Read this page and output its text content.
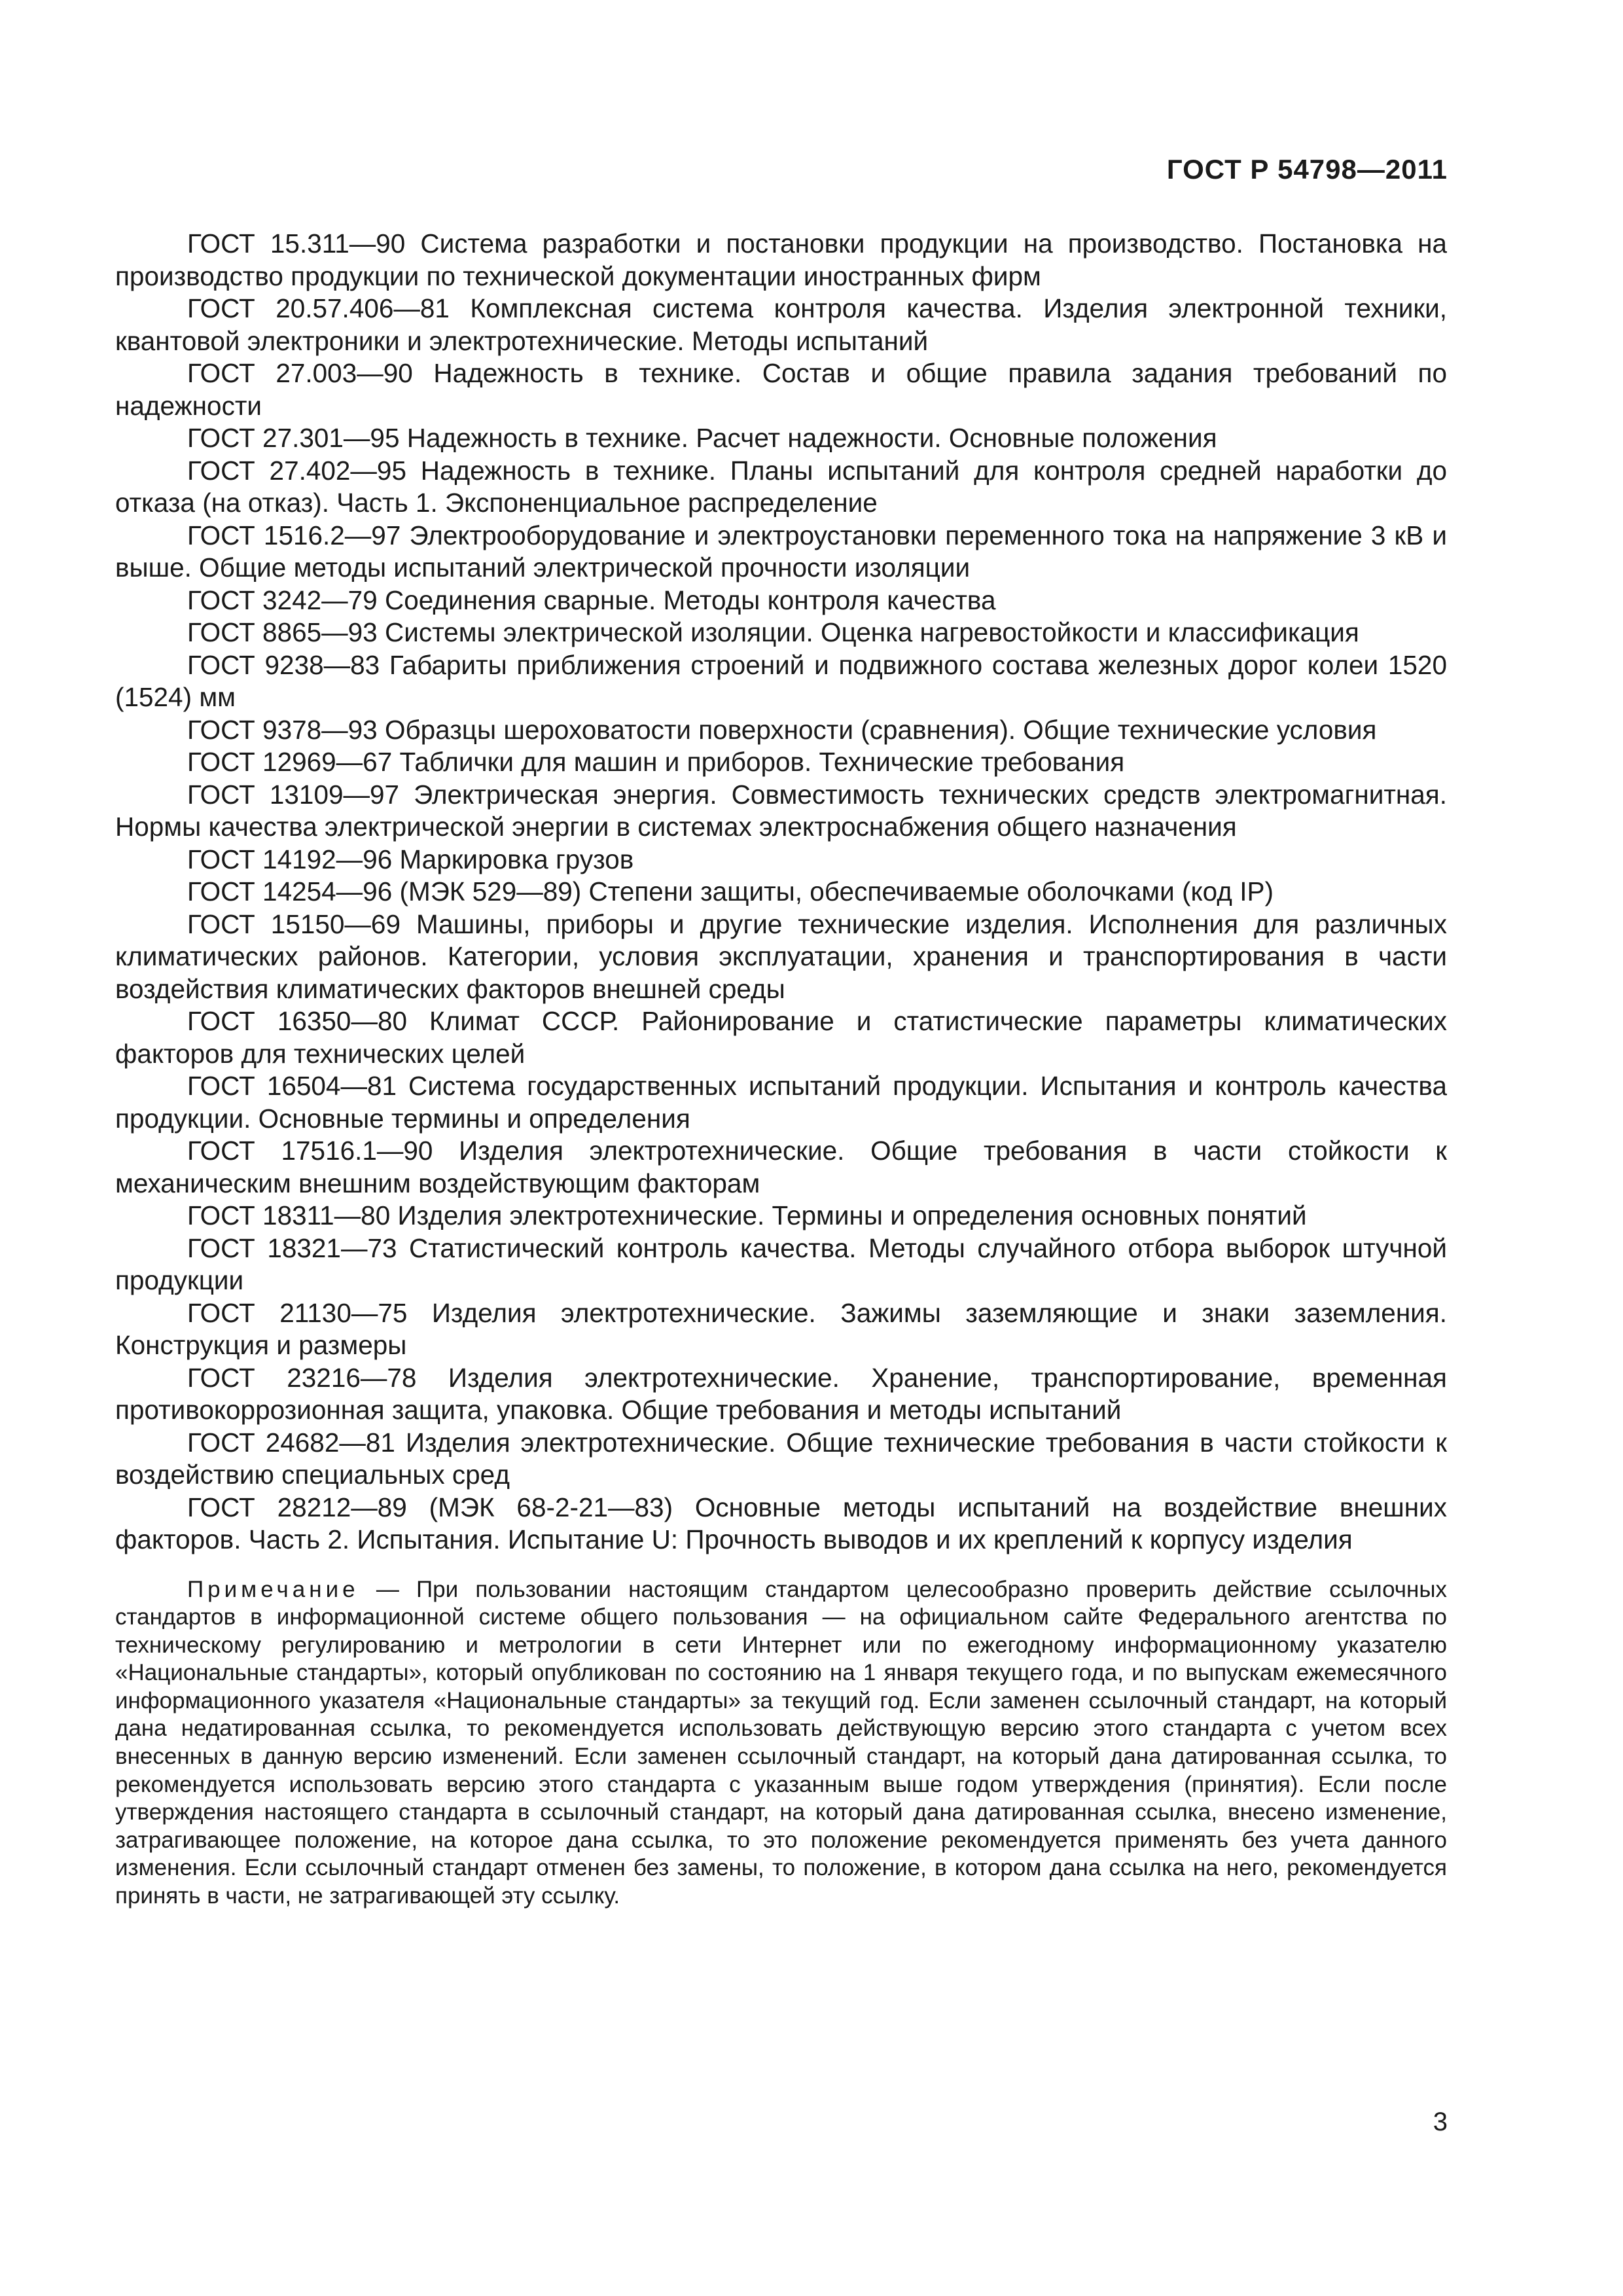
ГОСТ Р 54798—2011

ГОСТ 15.311—90 Система разработки и постановки продукции на производство. Постановка на производство продукции по технической документации иностранных фирм

ГОСТ 20.57.406—81 Комплексная система контроля качества. Изделия электронной техники, квантовой электроники и электротехнические. Методы испытаний

ГОСТ 27.003—90 Надежность в технике. Состав и общие правила задания требований по надежности

ГОСТ 27.301—95 Надежность в технике. Расчет надежности. Основные положения

ГОСТ 27.402—95 Надежность в технике. Планы испытаний для контроля средней наработки до отказа (на отказ). Часть 1. Экспоненциальное распределение

ГОСТ 1516.2—97 Электрооборудование и электроустановки переменного тока на напряжение 3 кВ и выше. Общие методы испытаний электрической прочности изоляции

ГОСТ 3242—79 Соединения сварные. Методы контроля качества

ГОСТ 8865—93 Системы электрической изоляции. Оценка нагревостойкости и классификация

ГОСТ 9238—83 Габариты приближения строений и подвижного состава железных дорог колеи 1520 (1524) мм

ГОСТ 9378—93 Образцы шероховатости поверхности (сравнения). Общие технические условия

ГОСТ 12969—67 Таблички для машин и приборов. Технические требования

ГОСТ 13109—97 Электрическая энергия. Совместимость технических средств электромагнитная. Нормы качества электрической энергии в системах электроснабжения общего назначения

ГОСТ 14192—96 Маркировка грузов

ГОСТ 14254—96 (МЭК 529—89) Степени защиты, обеспечиваемые оболочками (код IP)

ГОСТ 15150—69 Машины, приборы и другие технические изделия. Исполнения для различных климатических районов. Категории, условия эксплуатации, хранения и транспортирования в части воздействия климатических факторов внешней среды

ГОСТ 16350—80 Климат СССР. Районирование и статистические параметры климатических факторов для технических целей

ГОСТ 16504—81 Система государственных испытаний продукции. Испытания и контроль качества продукции. Основные термины и определения

ГОСТ 17516.1—90 Изделия электротехнические. Общие требования в части стойкости к механическим внешним воздействующим факторам

ГОСТ 18311—80 Изделия электротехнические. Термины и определения основных понятий

ГОСТ 18321—73 Статистический контроль качества. Методы случайного отбора выборок штучной продукции

ГОСТ 21130—75 Изделия электротехнические. Зажимы заземляющие и знаки заземления. Конструкция и размеры

ГОСТ 23216—78 Изделия электротехнические. Хранение, транспортирование, временная противокоррозионная защита, упаковка. Общие требования и методы испытаний

ГОСТ 24682—81 Изделия электротехнические. Общие технические требования в части стойкости к воздействию специальных сред

ГОСТ 28212—89 (МЭК 68-2-21—83) Основные методы испытаний на воздействие внешних факторов. Часть 2. Испытания. Испытание U: Прочность выводов и их креплений к корпусу изделия

Примечание — При пользовании настоящим стандартом целесообразно проверить действие ссылочных стандартов в информационной системе общего пользования — на официальном сайте Федерального агентства по техническому регулированию и метрологии в сети Интернет или по ежегодному информационному указателю «Национальные стандарты», который опубликован по состоянию на 1 января текущего года, и по выпускам ежемесячного информационного указателя «Национальные стандарты» за текущий год. Если заменен ссылочный стандарт, на который дана недатированная ссылка, то рекомендуется использовать действующую версию этого стандарта с учетом всех внесенных в данную версию изменений. Если заменен ссылочный стандарт, на который дана датированная ссылка, то рекомендуется использовать версию этого стандарта с указанным выше годом утверждения (принятия). Если после утверждения настоящего стандарта в ссылочный стандарт, на который дана датированная ссылка, внесено изменение, затрагивающее положение, на которое дана ссылка, то это положение рекомендуется применять без учета данного изменения. Если ссылочный стандарт отменен без замены, то положение, в котором дана ссылка на него, рекомендуется принять в части, не затрагивающей эту ссылку.
3
